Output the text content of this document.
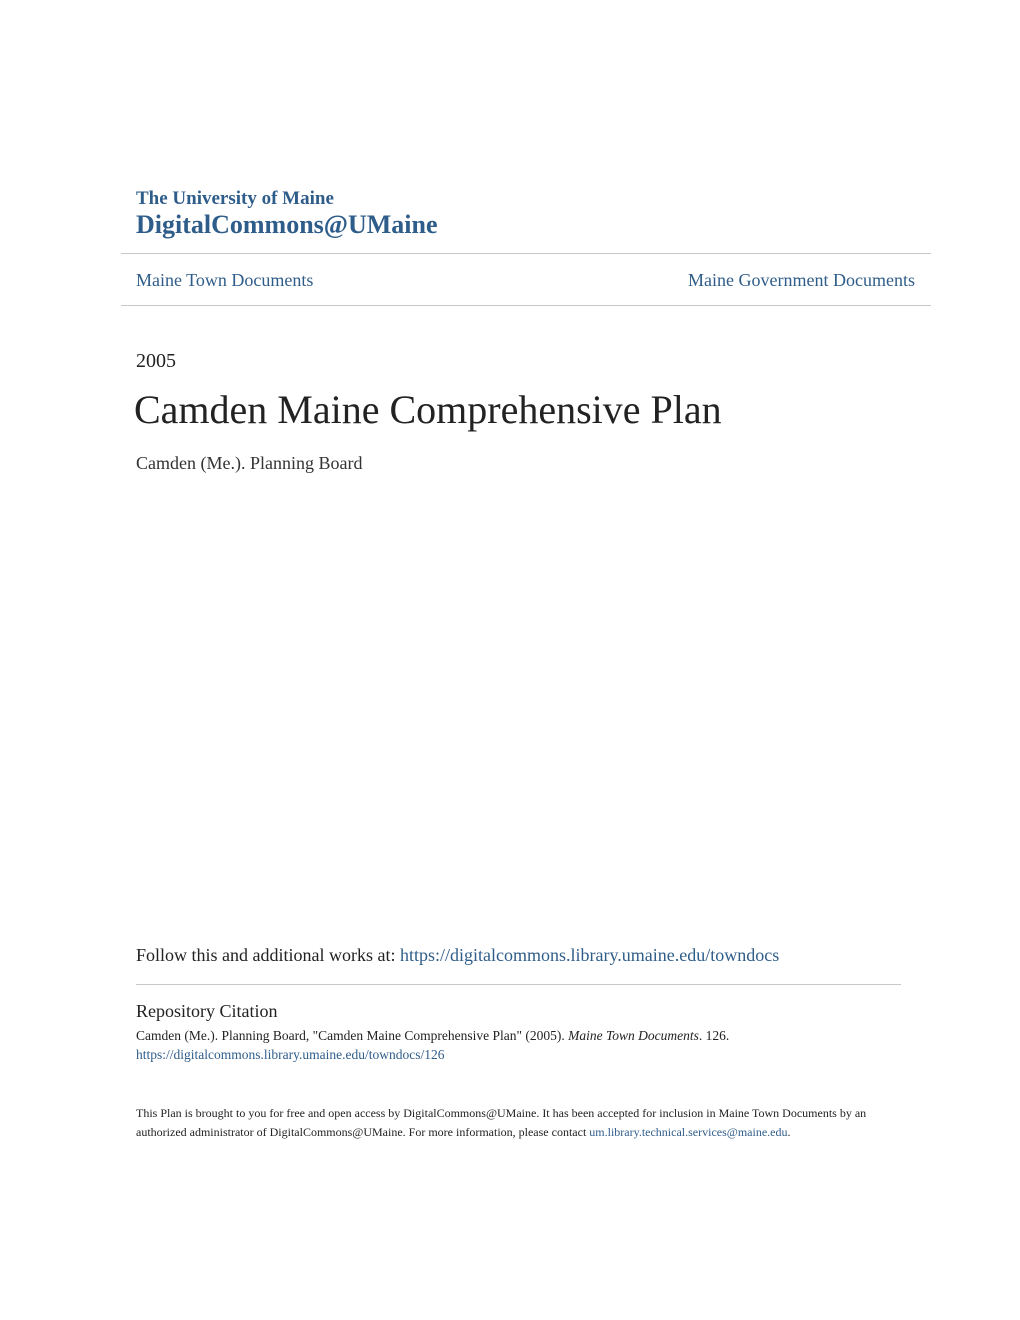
The University of Maine
DigitalCommons@UMaine
Maine Town Documents	Maine Government Documents
2005
Camden Maine Comprehensive Plan
Camden (Me.). Planning Board
Follow this and additional works at: https://digitalcommons.library.umaine.edu/towndocs
Repository Citation
Camden (Me.). Planning Board, "Camden Maine Comprehensive Plan" (2005). Maine Town Documents. 126.
https://digitalcommons.library.umaine.edu/towndocs/126
This Plan is brought to you for free and open access by DigitalCommons@UMaine. It has been accepted for inclusion in Maine Town Documents by an authorized administrator of DigitalCommons@UMaine. For more information, please contact um.library.technical.services@maine.edu.
